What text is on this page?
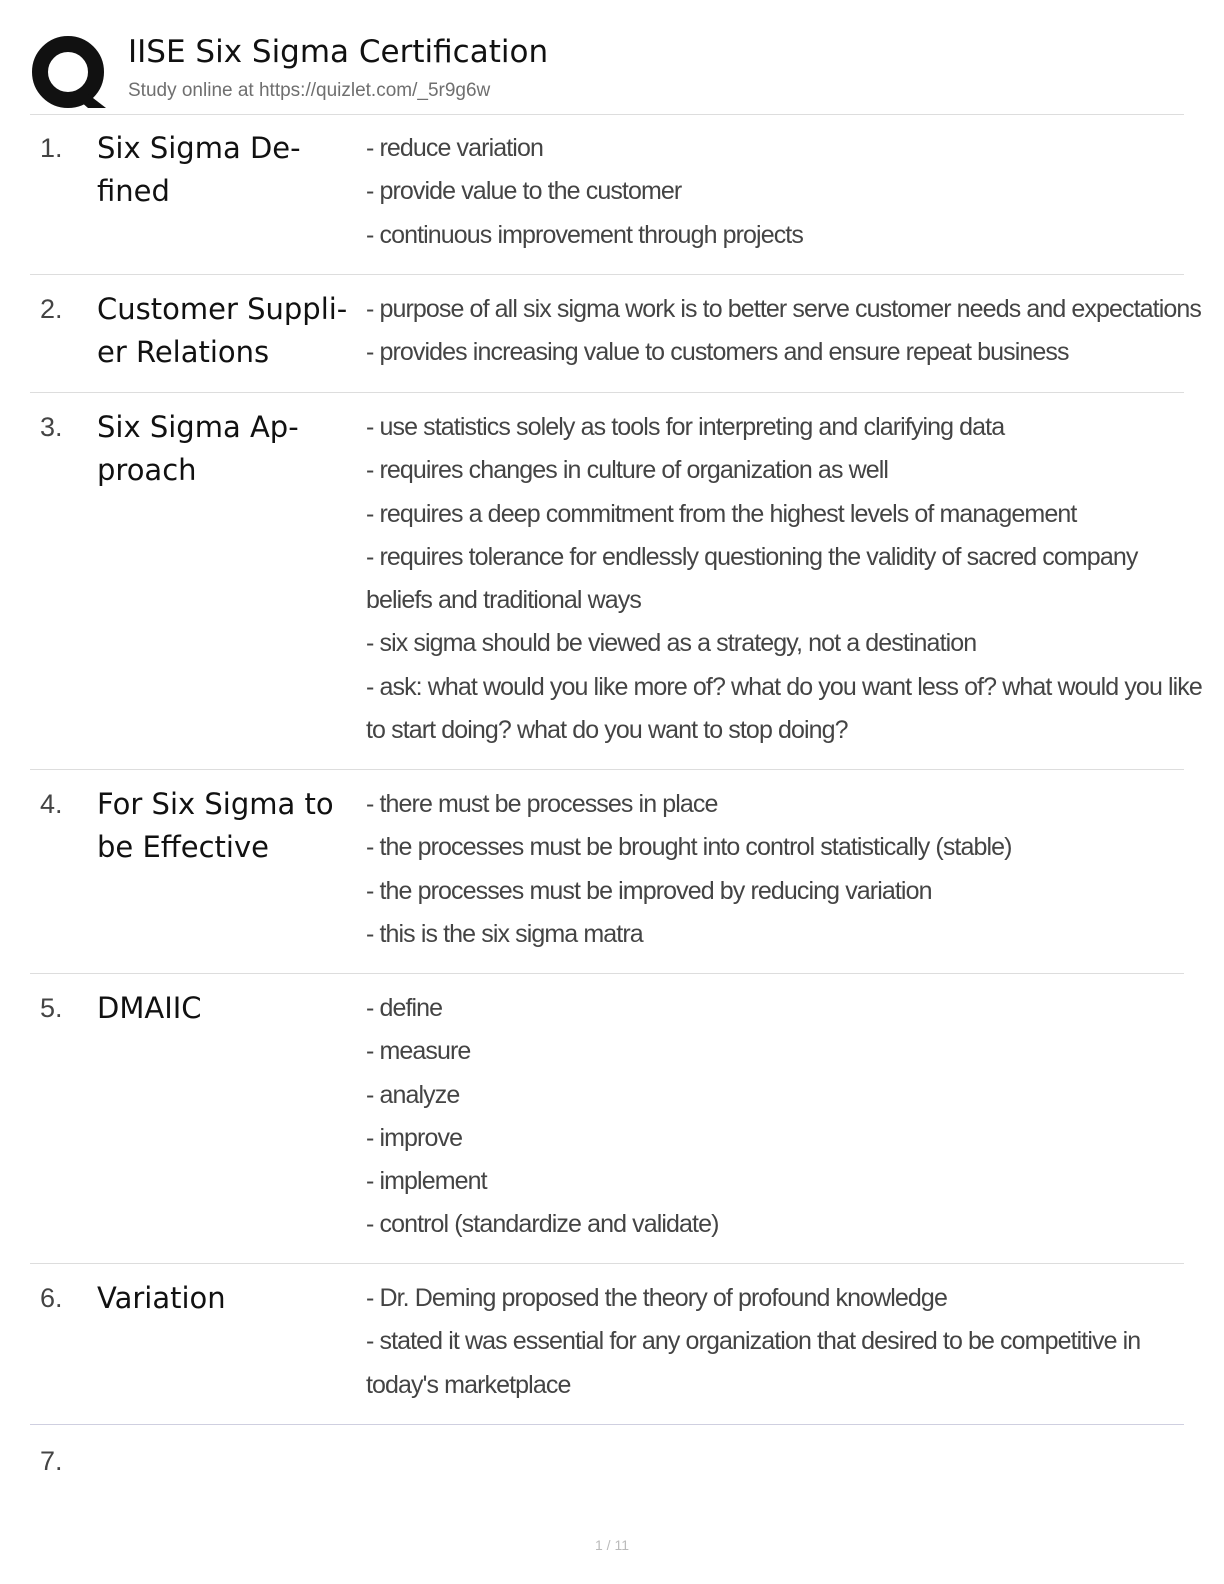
IISE Six Sigma Certification
Study online at https://quizlet.com/_5r9g6w
1. Six Sigma De-
fined
- reduce variation
- provide value to the customer
- continuous improvement through projects
2. Customer Suppli-
er Relations
- purpose of all six sigma work is to better serve customer needs and expectations
- provides increasing value to customers and ensure repeat business
3. Six Sigma Ap-
proach
- use statistics solely as tools for interpreting and clarifying data
- requires changes in culture of organization as well
- requires a deep commitment from the highest levels of management
- requires tolerance for endlessly questioning the validity of sacred company
beliefs and traditional ways
- six sigma should be viewed as a strategy, not a destination
- ask: what would you like more of? what do you want less of? what would you like
to start doing? what do you want to stop doing?
4. For Six Sigma to
be Effective
- there must be processes in place
- the processes must be brought into control statistically (stable)
- the processes must be improved by reducing variation
- this is the six sigma matra
5. DMAIIC	- define
- measure
- analyze
- improve
- implement
- control (standardize and validate)
6. Variation	- Dr. Deming proposed the theory of profound knowledge
- stated it was essential for any organization that desired to be competitive in
today's marketplace
7.
1 / 11
